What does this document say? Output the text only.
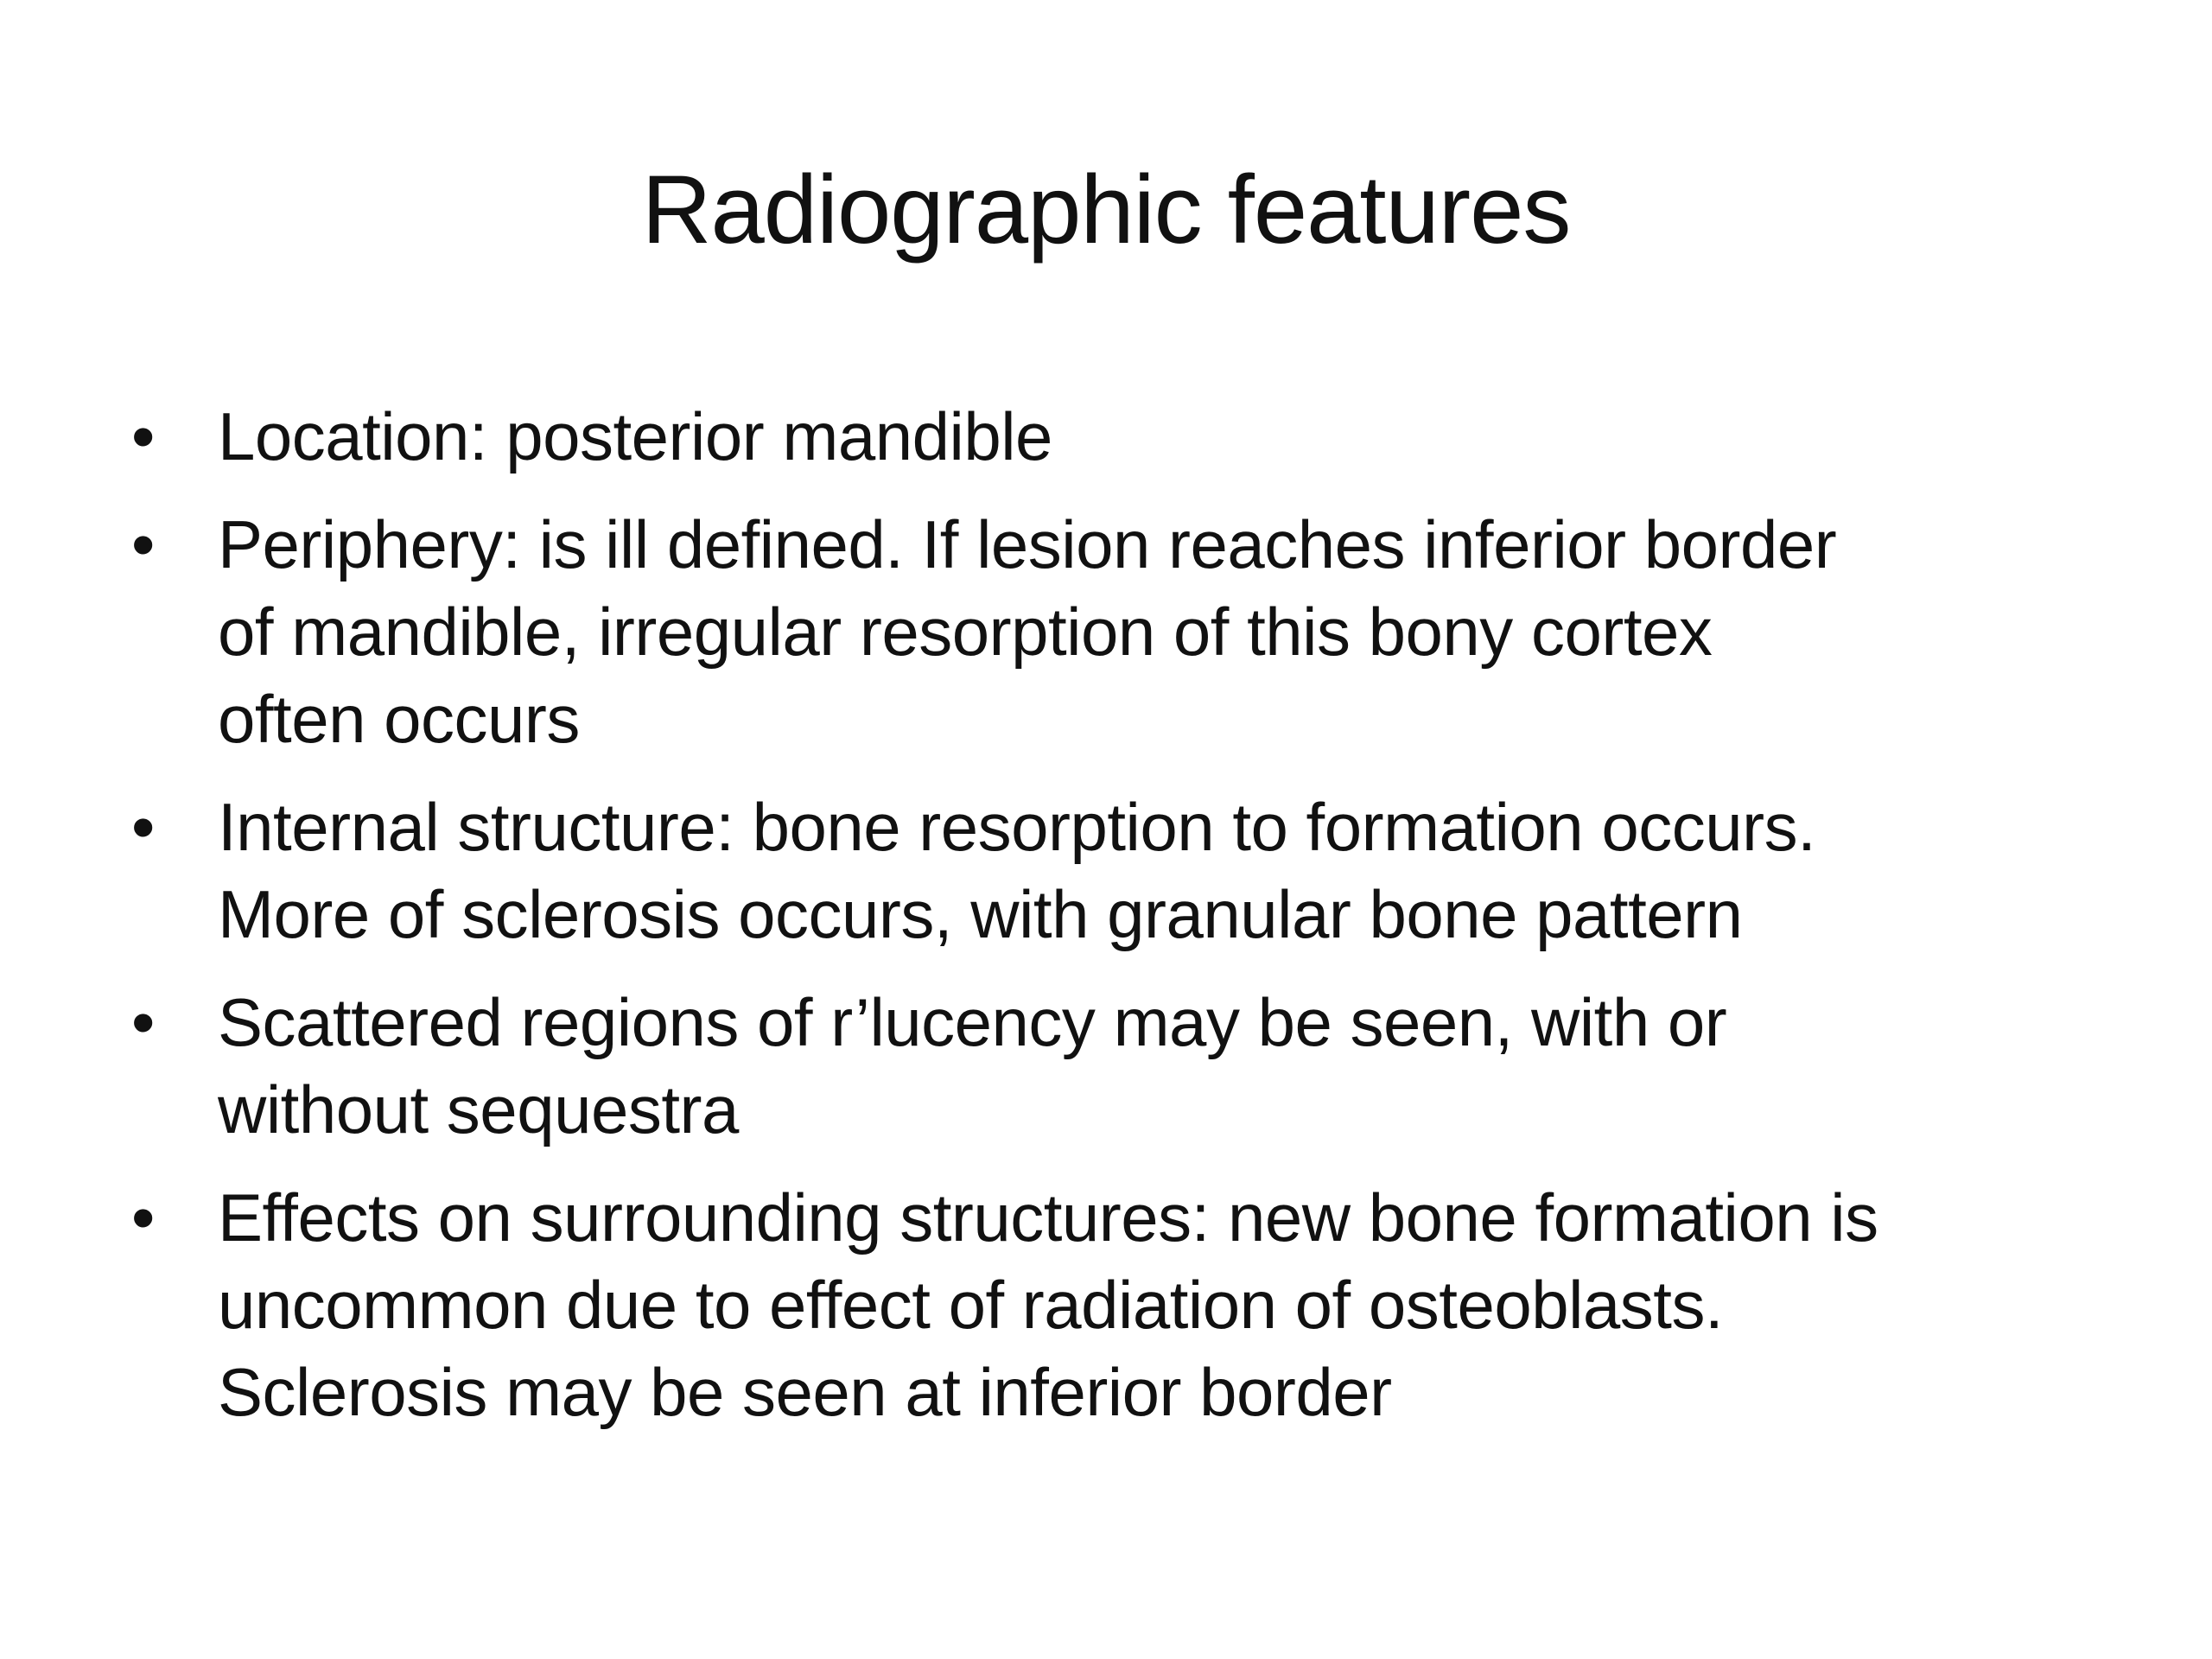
Radiographic features
• Location: posterior mandible
• Periphery: is ill defined. If lesion reaches inferior border
of mandible, irregular resorption of this bony cortex
often occurs
• Internal structure: bone resorption to formation occurs.
More of sclerosis occurs, with granular bone pattern
• Scattered regions of r’lucency may be seen, with or
without sequestra
• Effects on surrounding structures: new bone formation is
uncommon due to effect of radiation of osteoblasts.
Sclerosis may be seen at inferior border
